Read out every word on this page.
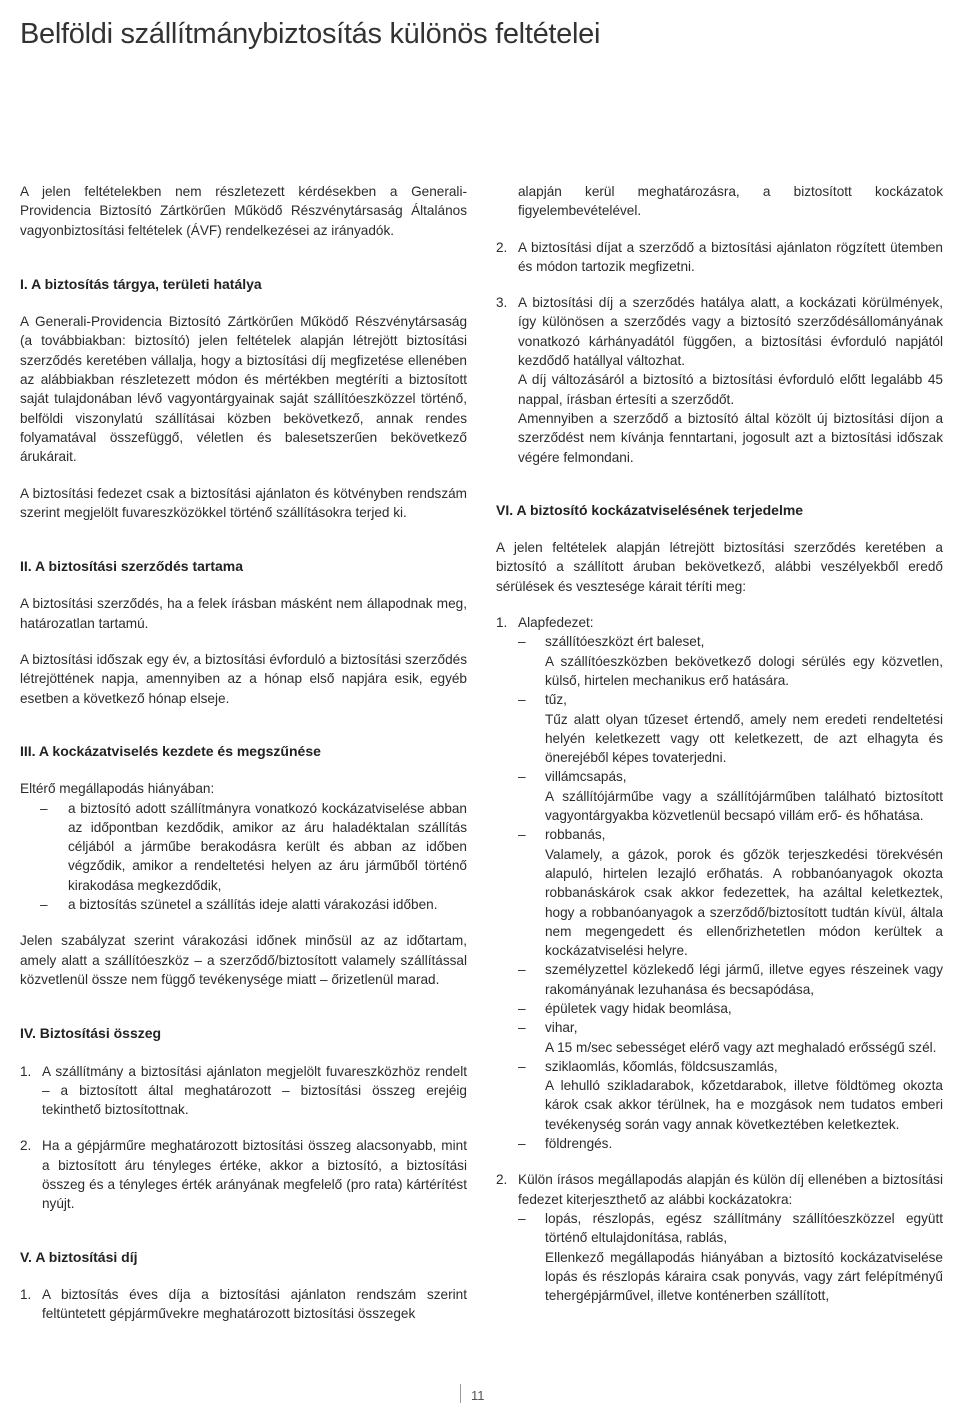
Belföldi szállítmánybiztosítás különös feltételei

A jelen feltételekben nem részletezett kérdésekben a Generali-Providencia Biztosító Zártkörűen Működő Részvénytársaság Általános vagyonbiztosítási feltételek (ÁVF) rendelkezései az irányadók.

I. A biztosítás tárgya, területi hatálya

A Generali-Providencia Biztosító Zártkörűen Működő Részvénytársaság (a továbbiakban: biztosító) jelen feltételek alapján létrejött biztosítási szerződés keretében vállalja, hogy a biztosítási díj megfizetése ellenében az alábbiakban részletezett módon és mértékben megtéríti a biztosított saját tulajdonában lévő vagyontárgyainak saját szállítóeszközzel történő, belföldi viszonylatú szállításai közben bekövetkező, annak rendes folyamatával összefüggő, véletlen és balesetszerűen bekövetkező árukárait.

A biztosítási fedezet csak a biztosítási ajánlaton és kötvényben rendszám szerint megjelölt fuvareszközökkel történő szállításokra terjed ki.

II. A biztosítási szerződés tartama

A biztosítási szerződés, ha a felek írásban másként nem állapodnak meg, határozatlan tartamú.

A biztosítási időszak egy év, a biztosítási évforduló a biztosítási szerződés létrejöttének napja, amennyiben az a hónap első napjára esik, egyéb esetben a következő hónap elseje.

III. A kockázatviselés kezdete és megszűnése

Eltérő megállapodás hiányában:

–	a biztosító adott szállítmányra vonatkozó kockázatviselése abban az időpontban kezdődik, amikor az áru haladéktalan szállítás céljából a járműbe berakodásra került és abban az időben végződik, amikor a rendeltetési helyen az áru járműből történő kirakodása megkezdődik,
–	a biztosítás szünetel a szállítás ideje alatti várakozási időben.

Jelen szabályzat szerint várakozási időnek minősül az az időtartam, amely alatt a szállítóeszköz – a szerződő/biztosított valamely szállítással közvetlenül össze nem függő tevékenysége miatt – őrizetlenül marad.

IV. Biztosítási összeg

1. A szállítmány a biztosítási ajánlaton megjelölt fuvareszközhöz rendelt – a biztosított által meghatározott – biztosítási összeg erejéig tekinthető biztosítottnak.
2. Ha a gépjárműre meghatározott biztosítási összeg alacsonyabb, mint a biztosított áru tényleges értéke, akkor a biztosító, a biztosítási összeg és a tényleges érték arányának megfelelő (pro rata) kártérítést nyújt.

V. A biztosítási díj

1. A biztosítás éves díja a biztosítási ajánlaton rendszám szerint feltüntetett gépjárművekre meghatározott biztosítási összegek

alapján kerül meghatározásra, a biztosított kockázatok figyelembevételével.

2. A biztosítási díjat a szerződő a biztosítási ajánlaton rögzített ütemben és módon tartozik megfizetni.
3. A biztosítási díj a szerződés hatálya alatt, a kockázati körülmények, így különösen a szerződés vagy a biztosító szerződésállományának vonatkozó kárhányadától függően, a biztosítási évforduló napjától kezdődő hatállyal változhat.

A díj változásáról a biztosító a biztosítási évforduló előtt legalább 45 nappal, írásban értesíti a szerződőt.

Amennyiben a szerződő a biztosító által közölt új biztosítási díjon a szerződést nem kívánja fenntartani, jogosult azt a biztosítási időszak végére felmondani.

VI. A biztosító kockázatviselésének terjedelme

A jelen feltételek alapján létrejött biztosítási szerződés keretében a biztosító a szállított áruban bekövetkező, alábbi veszélyekből eredő sérülések és vesztesége kárait téríti meg:

1. Alapfedezet:
–	szállítóeszközt ért baleset,

A szállítóeszközben bekövetkező dologi sérülés egy közvetlen, külső, hirtelen mechanikus erő hatására.

–	tűz,

Tűz alatt olyan tűzeset értendő, amely nem eredeti rendeltetési helyén keletkezett vagy ott keletkezett, de azt elhagyta és önerejéből képes tovaterjedni.

–	villámcsapás,

A szállítójárműbe vagy a szállítójárműben található biztosított vagyontárgyakba közvetlenül becsapó villám erő- és hőhatása.

–	robbanás,

Valamely, a gázok, porok és gőzök terjeszkedési törekvésén alapuló, hirtelen lezajló erőhatás. A robbanóanyagok okozta robbanáskárok csak akkor fedezettek, ha azáltal keletkeztek, hogy a robbanóanyagok a szerződő/biztosított tudtán kívül, általa nem megengedett és ellenőrizhetetlen módon kerültek a kockázatviselési helyre.

–	személyzettel közlekedő légi jármű, illetve egyes részeinek vagy rakományának lezuhanása és becsapódása,
–	épületek vagy hidak beomlása,
–	vihar,

A 15 m/sec sebességet elérő vagy azt meghaladó erősségű szél.

–	sziklaomlás, kőomlás, földcsuszamlás,

A lehulló szikladarabok, kőzetdarabok, illetve földtömeg okozta károk csak akkor térülnek, ha e mozgások nem tudatos emberi tevékenység során vagy annak következtében keletkeztek.

–	földrengés.
2. Külön írásos megállapodás alapján és külön díj ellenében a biztosítási fedezet kiterjeszthető az alábbi kockázatokra:
–	lopás, részlopás, egész szállítmány szállítóeszközzel együtt történő eltulajdonítása, rablás,

Ellenkező megállapodás hiányában a biztosító kockázatviselése lopás és részlopás káraira csak ponyvás, vagy zárt felépítményű tehergépjárművel, illetve konténerben szállított,

11
